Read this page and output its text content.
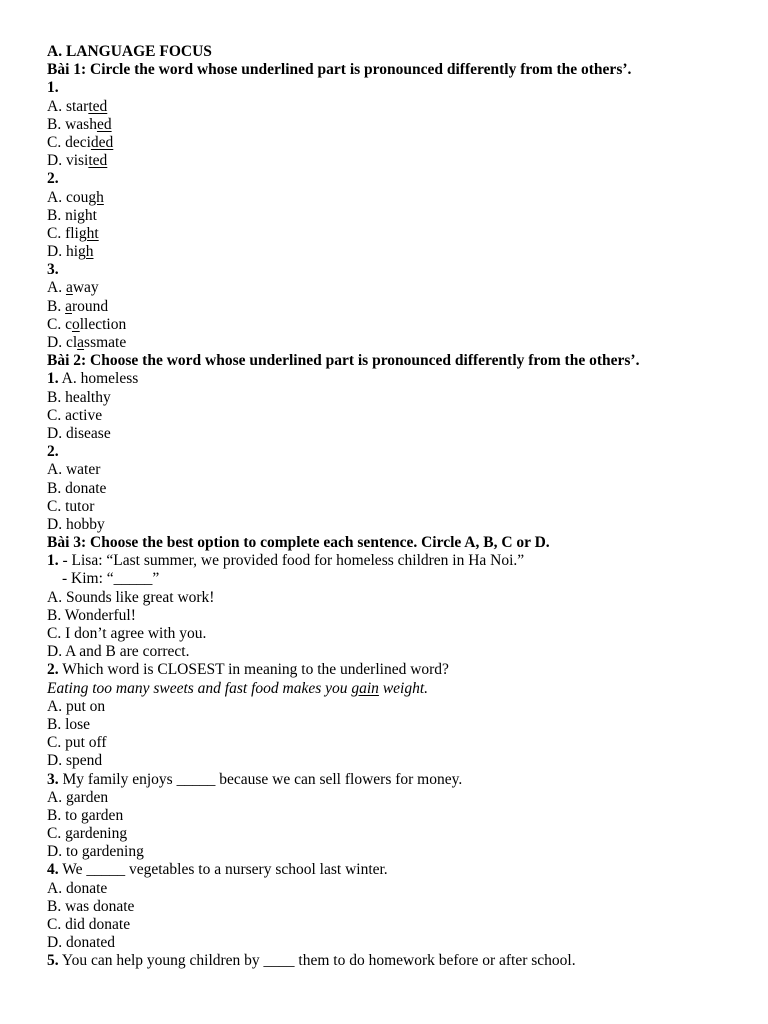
A. LANGUAGE FOCUS
Bài 1: Circle the word whose underlined part is pronounced differently from the others’.
1.
A. started
B. washed
C. decided
D. visited
2.
A. cough
B. night
C. flight
D. high
3.
A. away
B. around
C. collection
D. classmate
Bài 2: Choose the word whose underlined part is pronounced differently from the others’.
1. A. homeless
B. healthy
C. active
D. disease
2.
A. water
B. donate
C. tutor
D. hobby
Bài 3: Choose the best option to complete each sentence. Circle A, B, C or D.
1. - Lisa: “Last summer, we provided food for homeless children in Ha Noi.”
- Kim: “_____”
A. Sounds like great work!
B. Wonderful!
C. I don’t agree with you.
D. A and B are correct.
2. Which word is CLOSEST in meaning to the underlined word?
Eating too many sweets and fast food makes you gain weight.
A. put on
B. lose
C. put off
D. spend
3. My family enjoys _____ because we can sell flowers for money.
A. garden
B. to garden
C. gardening
D. to gardening
4. We _____ vegetables to a nursery school last winter.
A. donate
B. was donate
C. did donate
D. donated
5. You can help young children by ____ them to do homework before or after school.
